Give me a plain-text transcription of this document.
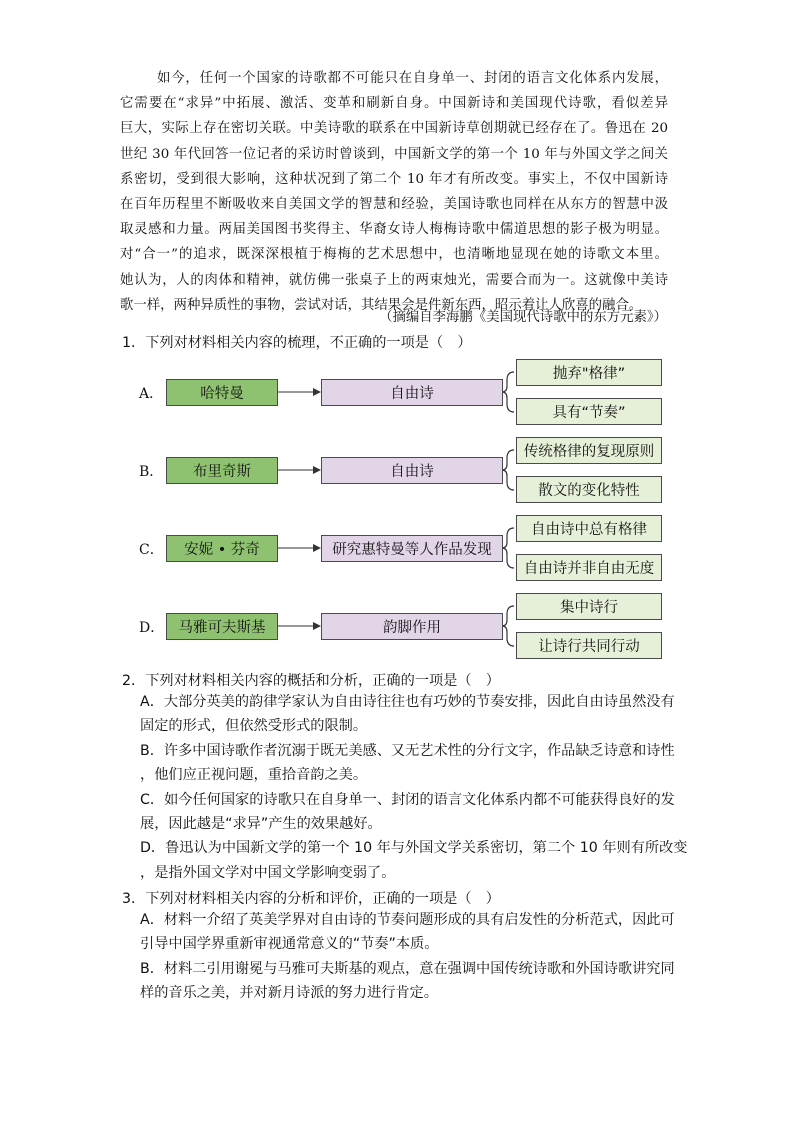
如今，任何一个国家的诗歌都不可能只在自身单一、封闭的语言文化体系内发展，
它需要在“求异”中拓展、激活、变革和刷新自身。中国新诗和美国现代诗歌，看似差异
巨大，实际上存在密切关联。中美诗歌的联系在中国新诗草创期就已经存在了。鲁迅在 20
世纪 30 年代回答一位记者的采访时曾谈到，中国新文学的第一个 10 年与外国文学之间关
系密切，受到很大影响，这种状况到了第二个 10 年才有所改变。事实上，不仅中国新诗
在百年历程里不断吸收来自美国文学的智慧和经验，美国诗歌也同样在从东方的智慧中汲
取灵感和力量。两届美国图书奖得主、华裔女诗人梅梅诗歌中儒道思想的影子极为明显。
对“合一”的追求，既深深根植于梅梅的艺术思想中，也清晰地显现在她的诗歌文本里。
她认为，人的肉体和精神，就仿佛一张桌子上的两束烛光，需要合而为一。这就像中美诗
歌一样，两种异质性的事物，尝试对话，其结果会是件新东西，昭示着让人欣喜的融合。
（摘编自李海鹏《美国现代诗歌中的东方元素》）
1．下列对材料相关内容的梳理，不正确的一项是（　）
A．	哈特曼	自由诗
抛弃"格律”
具有“节奏”
B．	布里奇斯	自由诗
传统格律的复现原则
散文的变化特性
C．	安妮 • 芬奇	研究惠特曼等人作品发现
自由诗中总有格律
自由诗并非自由无度
D． 马雅可夫斯基	韵脚作用
集中诗行
让诗行共同行动
2．下列对材料相关内容的概括和分析，正确的一项是（　）
A．大部分英美的韵律学家认为自由诗往往也有巧妙的节奏安排，因此自由诗虽然没有
固定的形式，但依然受形式的限制。
B．许多中国诗歌作者沉溺于既无美感、又无艺术性的分行文字，作品缺乏诗意和诗性
，他们应正视问题，重拾音韵之美。
C．如今任何国家的诗歌只在自身单一、封闭的语言文化体系内都不可能获得良好的发
展，因此越是“求异”产生的效果越好。
D．鲁迅认为中国新文学的第一个 10 年与外国文学关系密切，第二个 10 年则有所改变
，是指外国文学对中国文学影响变弱了。
3．下列对材料相关内容的分析和评价，正确的一项是（　）
A．材料一介绍了英美学界对自由诗的节奏问题形成的具有启发性的分析范式，因此可
引导中国学界重新审视通常意义的“节奏”本质。
B．材料二引用谢冕与马雅可夫斯基的观点，意在强调中国传统诗歌和外国诗歌讲究同
样的音乐之美，并对新月诗派的努力进行肯定。
